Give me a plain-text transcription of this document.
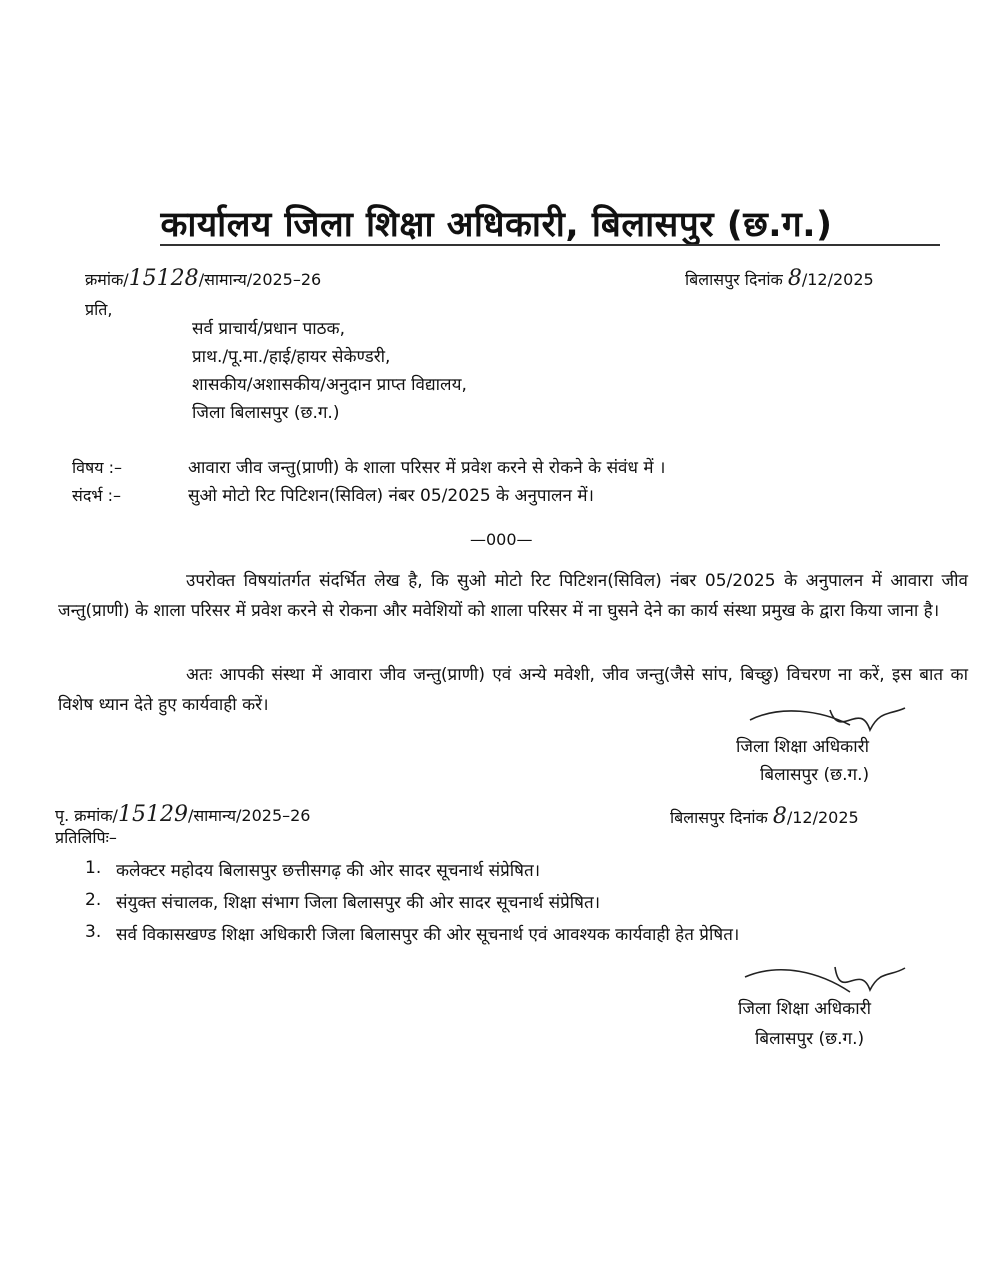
कार्यालय जिला शिक्षा अधिकारी, बिलासपुर (छ.ग.)
क्रमांक/15128/सामान्य/2025–26	बिलासपुर दिनांक 8/12/2025
प्रति,
सर्व प्राचार्य/प्रधान पाठक,
प्राथ./पू.मा./हाई/हायर सेकेण्डरी,
शासकीय/अशासकीय/अनुदान प्राप्त विद्यालय,
जिला बिलासपुर (छ.ग.)
विषय :–	आवारा जीव जन्तु(प्राणी) के शाला परिसर में प्रवेश करने से रोकने के संवंध में ।
संदर्भ :–	सुओ मोटो रिट पिटिशन(सिविल) नंबर 05/2025 के अनुपालन में।
—000—
उपरोक्त विषयांतर्गत संदर्भित लेख है, कि सुओ मोटो रिट पिटिशन(सिविल) नंबर 05/2025 के अनुपालन में आवारा जीव जन्तु(प्राणी) के शाला परिसर में प्रवेश करने से रोकना और मवेशियों को शाला परिसर में ना घुसने देने का कार्य संस्था प्रमुख के द्वारा किया जाना है।
अतः आपकी संस्था में आवारा जीव जन्तु(प्राणी) एवं अन्ये मवेशी, जीव जन्तु(जैसे सांप, बिच्छु) विचरण ना करें, इस बात का विशेष ध्यान देते हुए कार्यवाही करें।
जिला शिक्षा अधिकारी
बिलासपुर (छ.ग.)
पृ. क्रमांक/15129/सामान्य/2025–26	बिलासपुर दिनांक 8/12/2025
प्रतिलिपिः–
1. कलेक्टर महोदय बिलासपुर छत्तीसगढ़ की ओर सादर सूचनार्थ संप्रेषित।
2. संयुक्त संचालक, शिक्षा संभाग जिला बिलासपुर की ओर सादर सूचनार्थ संप्रेषित।
3. सर्व विकासखण्ड शिक्षा अधिकारी जिला बिलासपुर की ओर सूचनार्थ एवं आवश्यक कार्यवाही हेत प्रेषित।
जिला शिक्षा अधिकारी
बिलासपुर (छ.ग.)
